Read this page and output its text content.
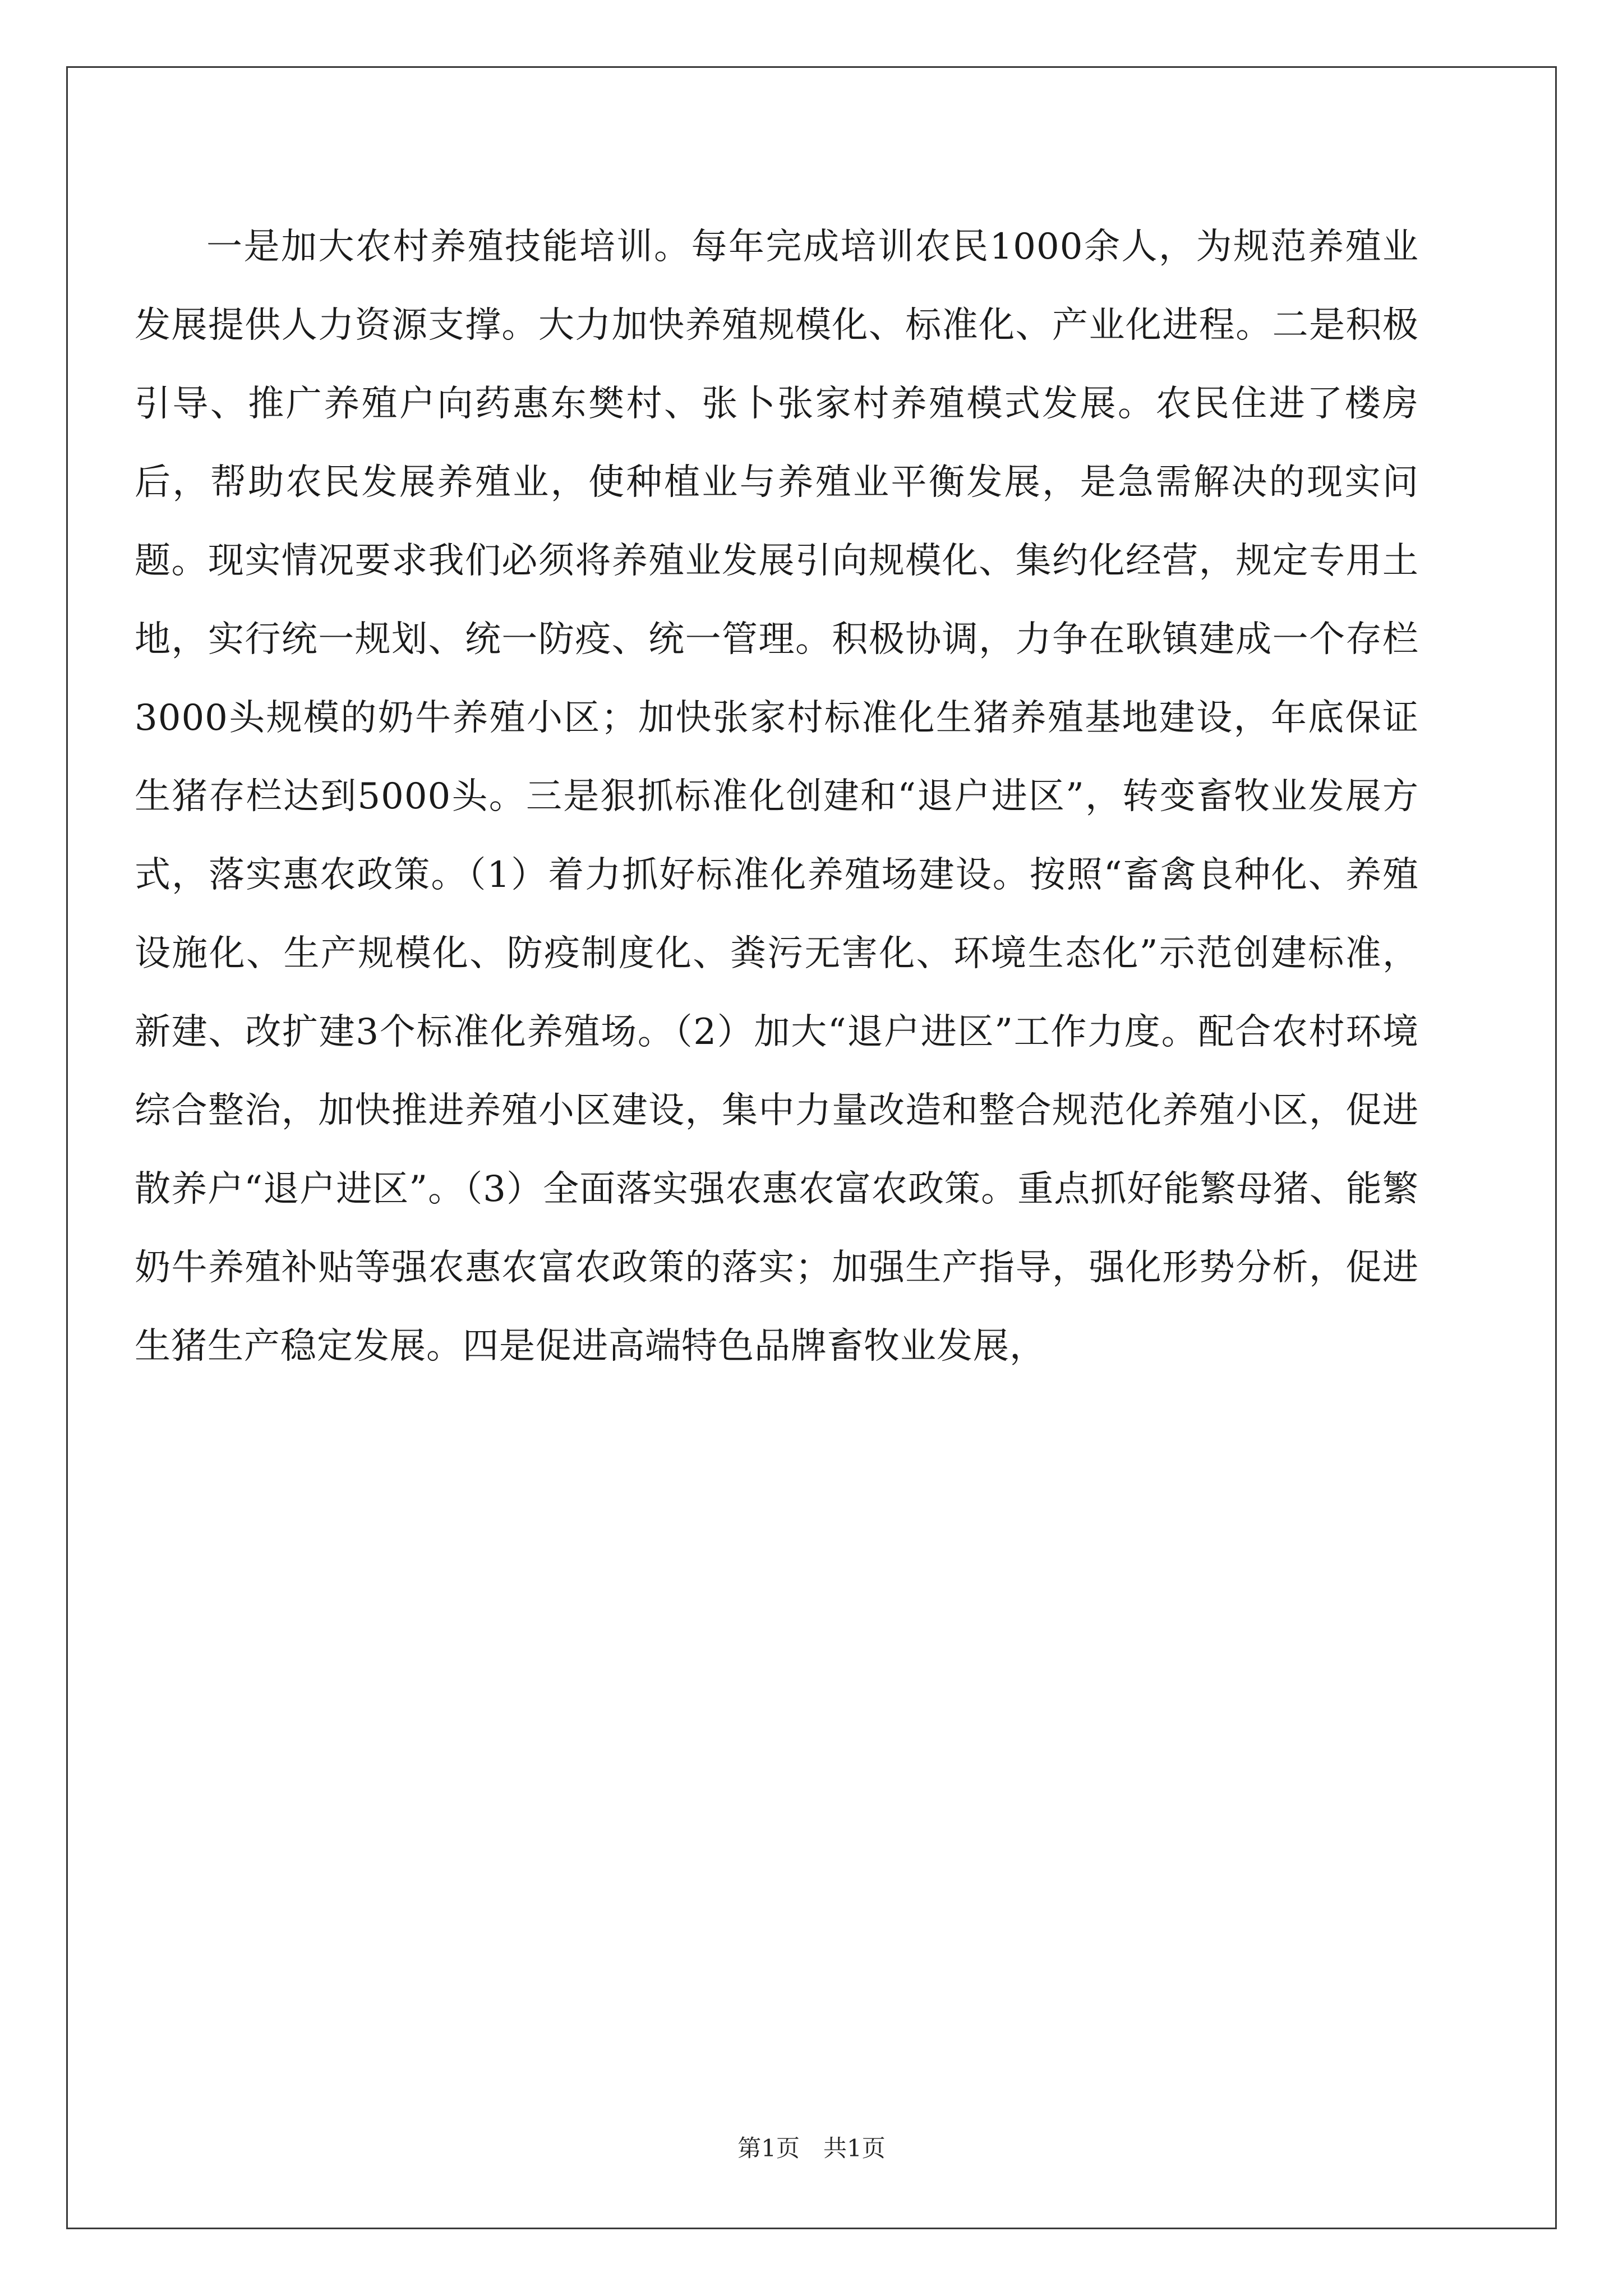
一是加大农村养殖技能培训。每年完成培训农民1000余人，为规范养殖业发展提供人力资源支撑。大力加快养殖规模化、标准化、产业化进程。二是积极引导、推广养殖户向药惠东樊村、张卜张家村养殖模式发展。农民住进了楼房后，帮助农民发展养殖业，使种植业与养殖业平衡发展，是急需解决的现实问题。现实情况要求我们必须将养殖业发展引向规模化、集约化经营，规定专用土地，实行统一规划、统一防疫、统一管理。积极协调，力争在耿镇建成一个存栏3000头规模的奶牛养殖小区；加快张家村标准化生猪养殖基地建设，年底保证生猪存栏达到5000头。三是狠抓标准化创建和“退户进区”，转变畜牧业发展方式，落实惠农政策。（1）着力抓好标准化养殖场建设。按照“畜禽良种化、养殖设施化、生产规模化、防疫制度化、粪污无害化、环境生态化”示范创建标准，新建、改扩建3个标准化养殖场。（2）加大“退户进区”工作力度。配合农村环境综合整治，加快推进养殖小区建设，集中力量改造和整合规范化养殖小区，促进散养户“退户进区”。（3）全面落实强农惠农富农政策。重点抓好能繁母猪、能繁奶牛养殖补贴等强农惠农富农政策的落实；加强生产指导，强化形势分析，促进生猪生产稳定发展。四是促进高端特色品牌畜牧业发展，

第1页 共1页
